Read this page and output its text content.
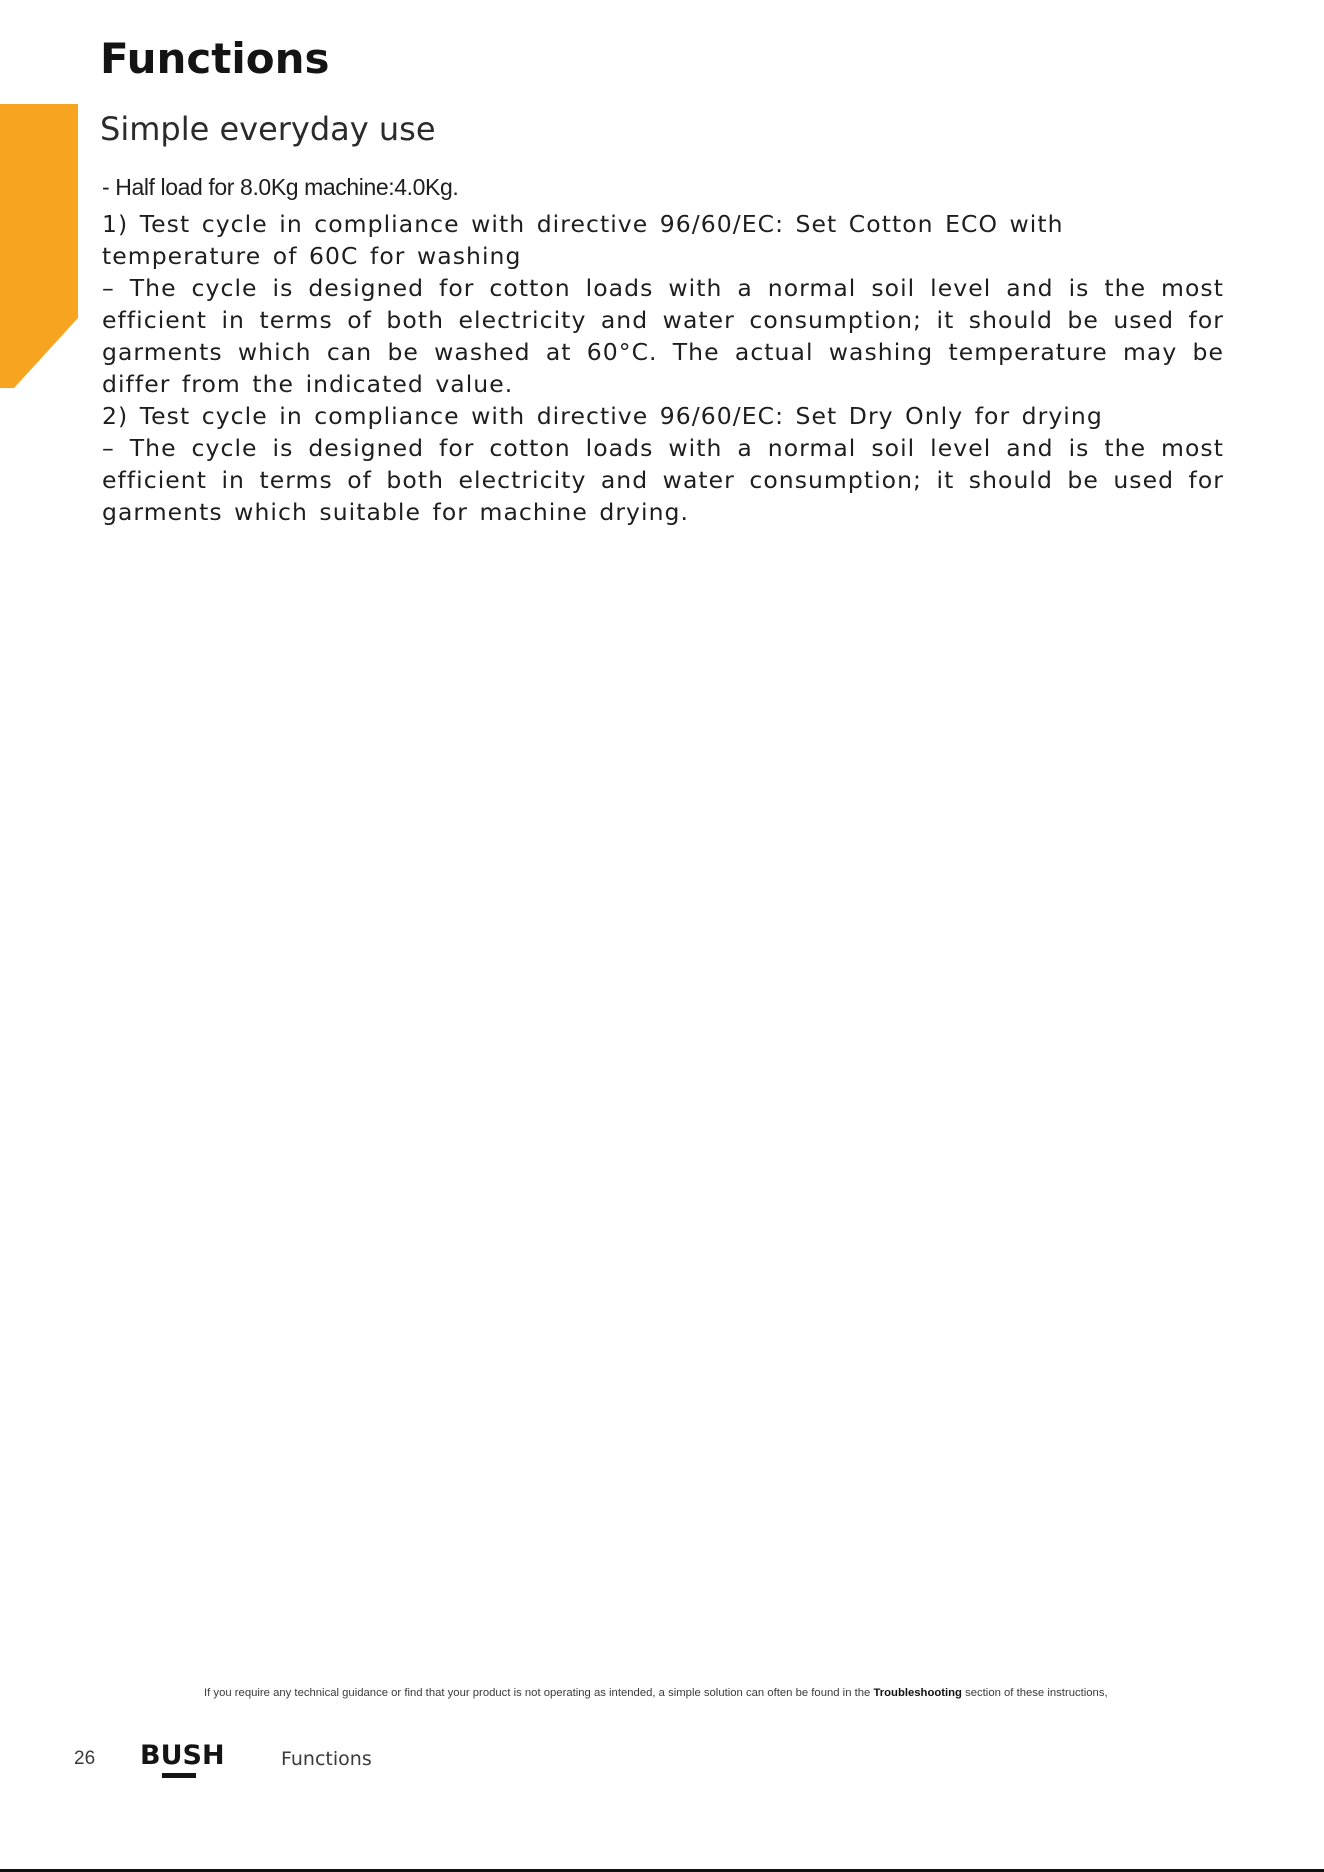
Functions
Simple everyday use

- Half load for 8.0Kg machine:4.0Kg.

1) Test cycle in compliance with directive 96/60/EC: Set Cotton ECO with
temperature of 60C for washing
– The cycle is designed for cotton loads with a normal soil level and is the most
efficient in terms of both electricity and water consumption; it should be used for
garments which can be washed at 60°C. The actual washing temperature may be
differ from the indicated value.
2) Test cycle in compliance with directive 96/60/EC: Set Dry Only for drying
– The cycle is designed for cotton loads with a normal soil level and is the most
efficient in terms of both electricity and water consumption; it should be used for
garments which suitable for machine drying.

If you require any technical guidance or find that your product is not operating as intended, a simple solution can often be found in the Troubleshooting section of these instructions,

26 BUSH	Functions
